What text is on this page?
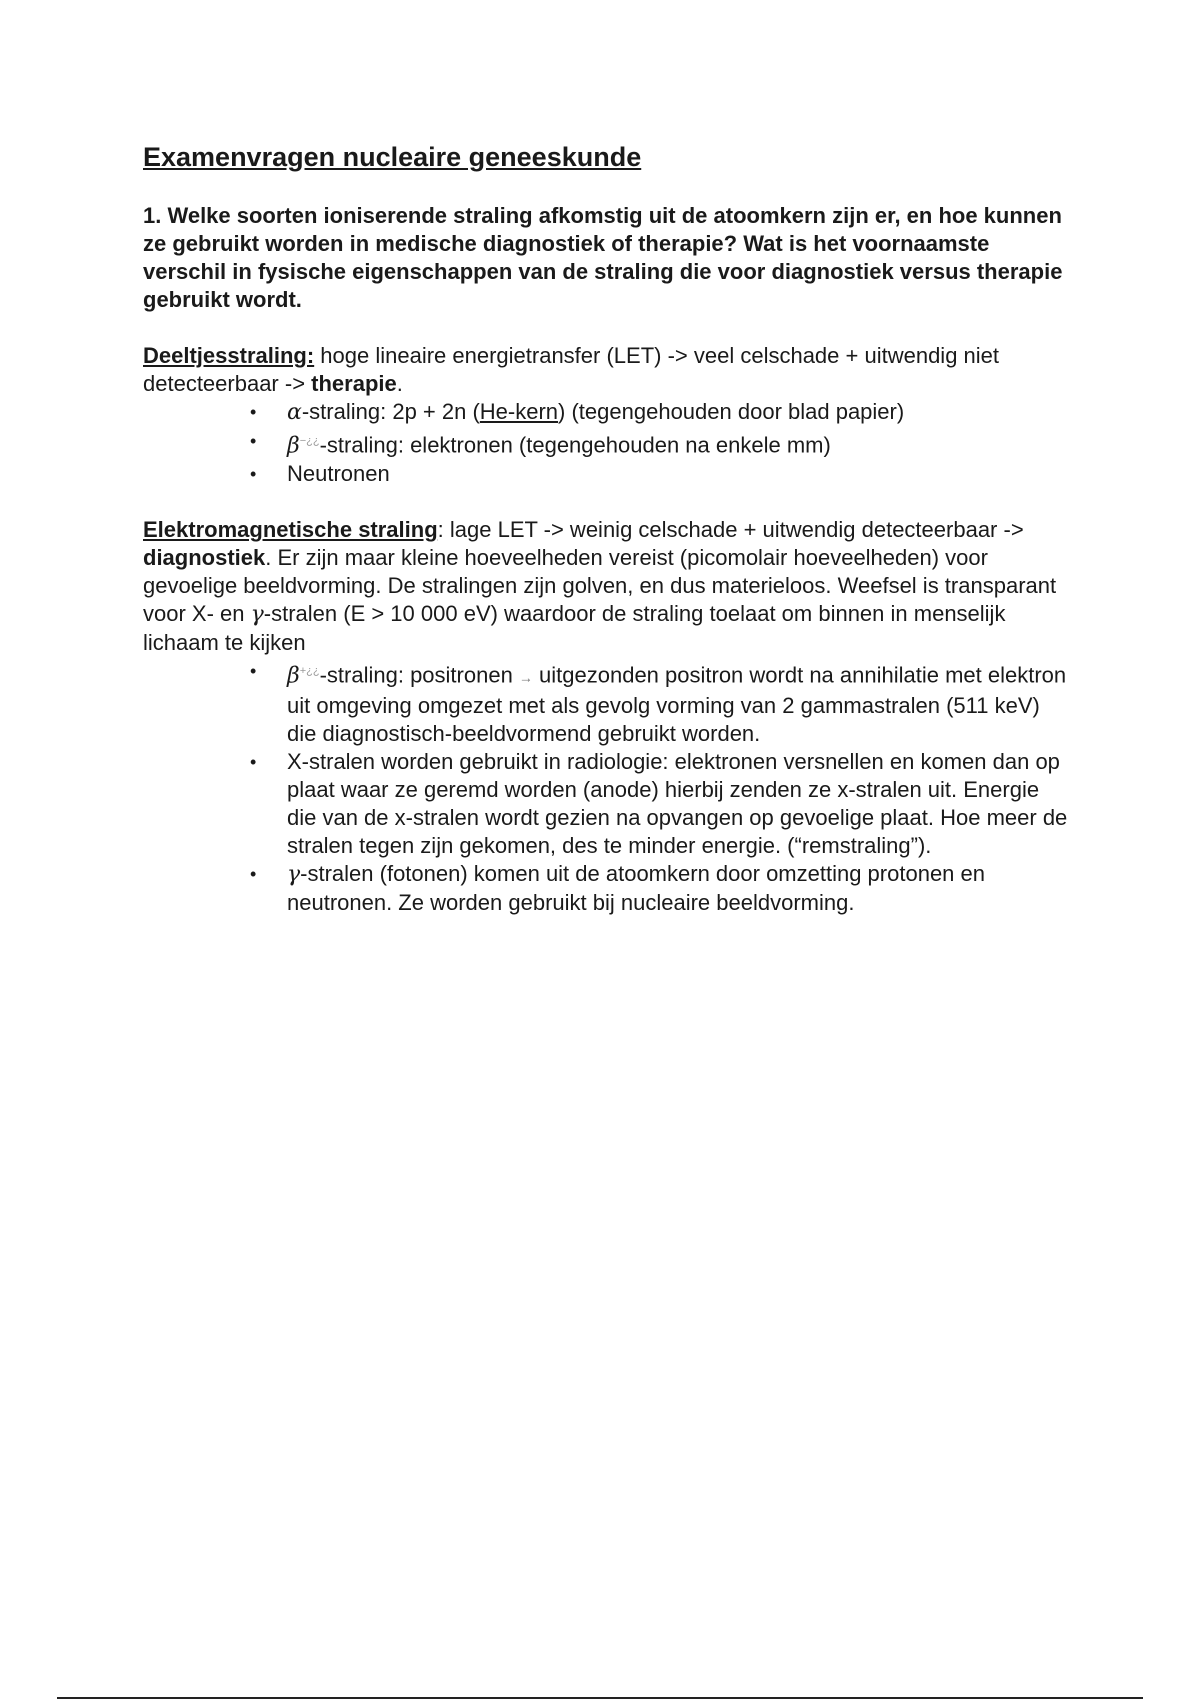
Examenvragen nucleaire geneeskunde

1. Welke soorten ioniserende straling afkomstig uit de atoomkern zijn er, en hoe kunnen ze gebruikt worden in medische diagnostiek of therapie? Wat is het voornaamste verschil in fysische eigenschappen van de straling die voor diagnostiek versus therapie gebruikt wordt.

Deeltjesstraling: hoge lineaire energietransfer (LET) -> veel celschade + uitwendig niet detecteerbaar -> therapie.

• α-straling: 2p + 2n (He-kern) (tegengehouden door blad papier)
• β−¿¿-straling: elektronen (tegengehouden na enkele mm)
• Neutronen

Elektromagnetische straling: lage LET -> weinig celschade + uitwendig detecteerbaar -> diagnostiek. Er zijn maar kleine hoeveelheden vereist (picomolair hoeveelheden) voor gevoelige beeldvorming. De stralingen zijn golven, en dus materieloos. Weefsel is transparant voor X- en γ-stralen (E > 10 000 eV) waardoor de straling toelaat om binnen in menselijk lichaam te kijken

• β+¿¿-straling: positronen → uitgezonden positron wordt na annihilatie met elektron uit omgeving omgezet met als gevolg vorming van 2 gammastralen (511 keV) die diagnostisch-beeldvormend gebruikt worden.
• X-stralen worden gebruikt in radiologie: elektronen versnellen en komen dan op plaat waar ze geremd worden (anode) hierbij zenden ze x-stralen uit. Energie die van de x-stralen wordt gezien na opvangen op gevoelige plaat. Hoe meer de stralen tegen zijn gekomen, des te minder energie. (“remstraling”).
• γ-stralen (fotonen) komen uit de atoomkern door omzetting protonen en neutronen. Ze worden gebruikt bij nucleaire beeldvorming.
